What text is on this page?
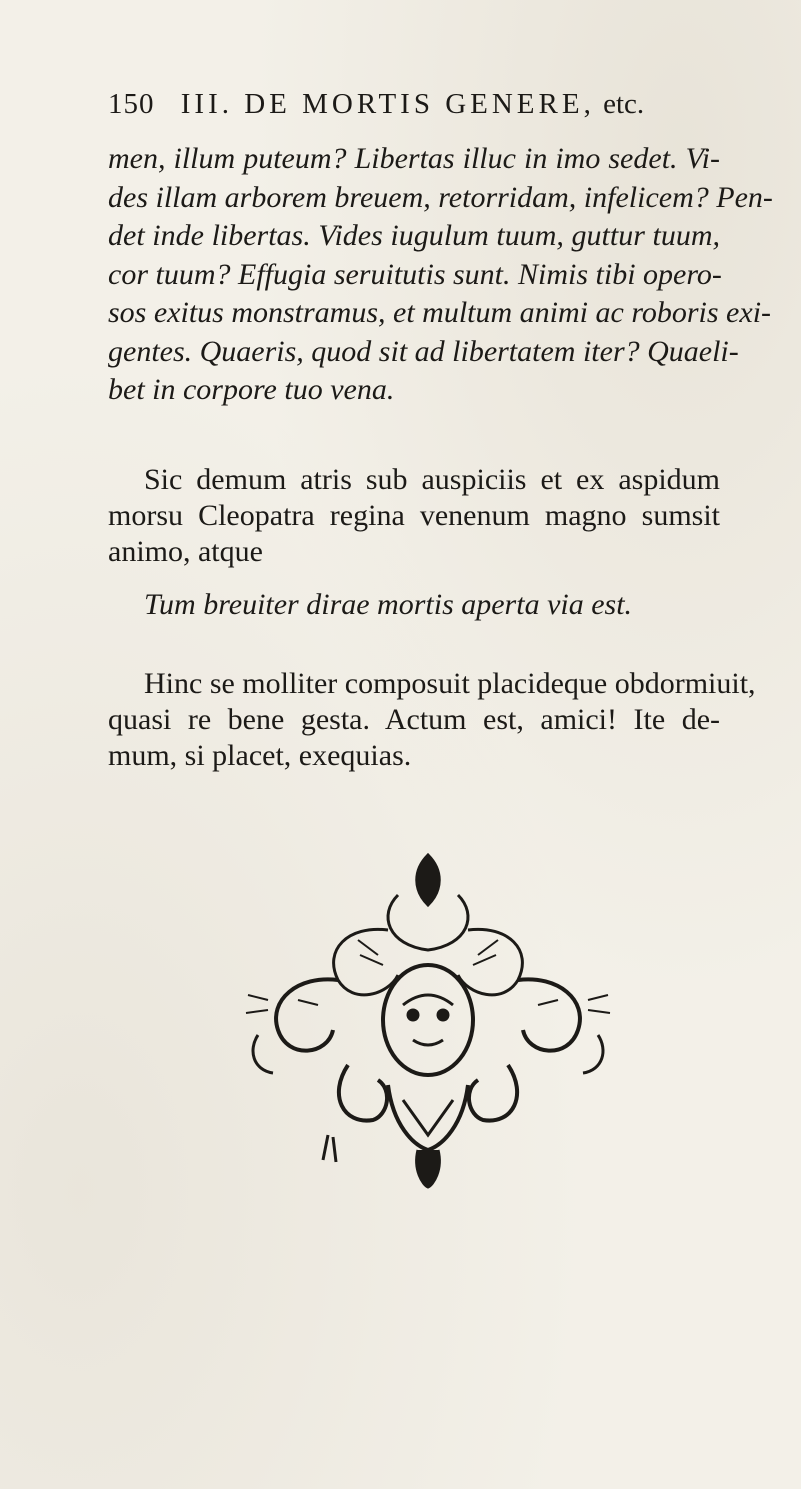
150 III. DE MORTIS GENERE, etc.
men, illum puteum? Libertas illuc in imo sedet. Vi-
des illam arborem breuem, retorridam, infelicem? Pen-
det inde libertas. Vides iugulum tuum, guttur tuum,
cor tuum? Effugia seruitutis sunt. Nimis tibi opero-
sos exitus monstramus, et multum animi ac roboris exi-
gentes. Quaeris, quod sit ad libertatem iter? Quaeli-
bet in corpore tuo vena.
Sic demum atris sub auspiciis et ex aspidum
morsu Cleopatra regina venenum magno sumsit
animo, atque
Tum breuiter dirae mortis aperta via est.
Hinc se molliter composuit placideque obdormiuit,
quasi re bene gesta. Actum est, amici! Ite de-
mum, si placet, exequias.
